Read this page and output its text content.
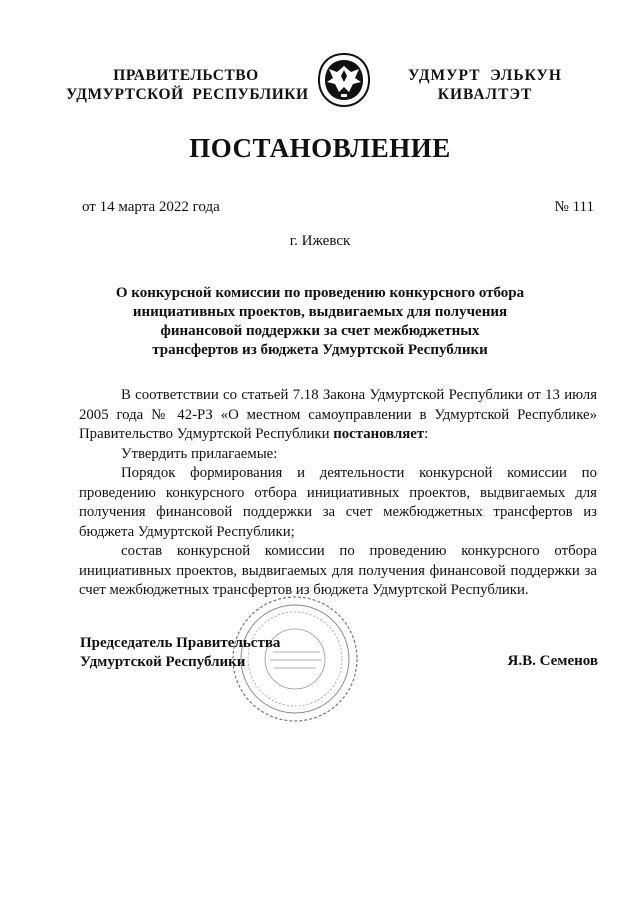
ПРАВИТЕЛЬСТВО
УДМУРТСКОЙ  РЕСПУБЛИКИ
УДМУРТ  ЭЛЬКУН
КИВАЛТЭТ
ПОСТАНОВЛЕНИЕ
от 14 марта 2022 года	№ 111
г. Ижевск
О конкурсной комиссии по проведению конкурсного отбора
инициативных проектов, выдвигаемых для получения
финансовой поддержки за счет межбюджетных
трансфертов из бюджета Удмуртской Республики

В соответствии со статьей 7.18 Закона Удмуртской Республики от 13 июля 2005 года № 42-РЗ «О местном самоуправлении в Удмуртской Республике» Правительство Удмуртской Республики постановляет:

Утвердить прилагаемые:

Порядок формирования и деятельности конкурсной комиссии по проведению конкурсного отбора инициативных проектов, выдвигаемых для получения финансовой поддержки за счет межбюджетных трансфертов из бюджета Удмуртской Республики;

состав конкурсной комиссии по проведению конкурсного отбора инициативных проектов, выдвигаемых для получения финансовой поддержки за счет межбюджетных трансфертов из бюджета Удмуртской Республики.

Председатель Правительства
Удмуртской Республики	Я.В. Семенов
